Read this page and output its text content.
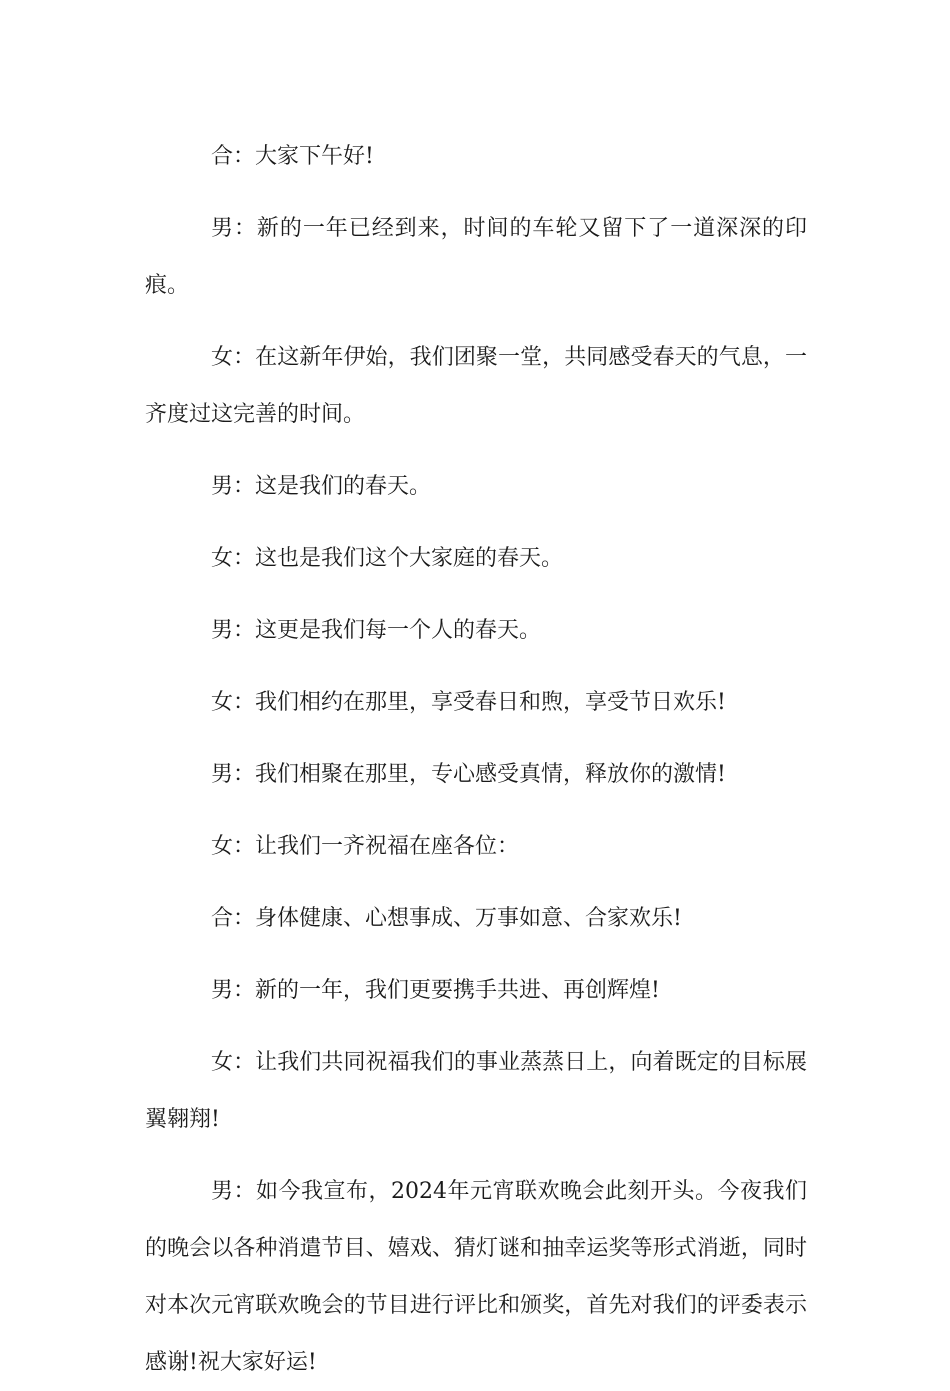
合：大家下午好!

男：新的一年已经到来，时间的车轮又留下了一道深深的印痕。

女：在这新年伊始，我们团聚一堂，共同感受春天的气息，一齐度过这完善的时间。

男：这是我们的春天。

女：这也是我们这个大家庭的春天。

男：这更是我们每一个人的春天。

女：我们相约在那里，享受春日和煦，享受节日欢乐!

男：我们相聚在那里，专心感受真情，释放你的激情!

女：让我们一齐祝福在座各位：

合：身体健康、心想事成、万事如意、合家欢乐!

男：新的一年，我们更要携手共进、再创辉煌!

女：让我们共同祝福我们的事业蒸蒸日上，向着既定的目标展翼翱翔!

男：如今我宣布，2024年元宵联欢晚会此刻开头。今夜我们的晚会以各种消遣节目、嬉戏、猜灯谜和抽幸运奖等形式消逝，同时对本次元宵联欢晚会的节目进行评比和颁奖，首先对我们的评委表示感谢!祝大家好运!
